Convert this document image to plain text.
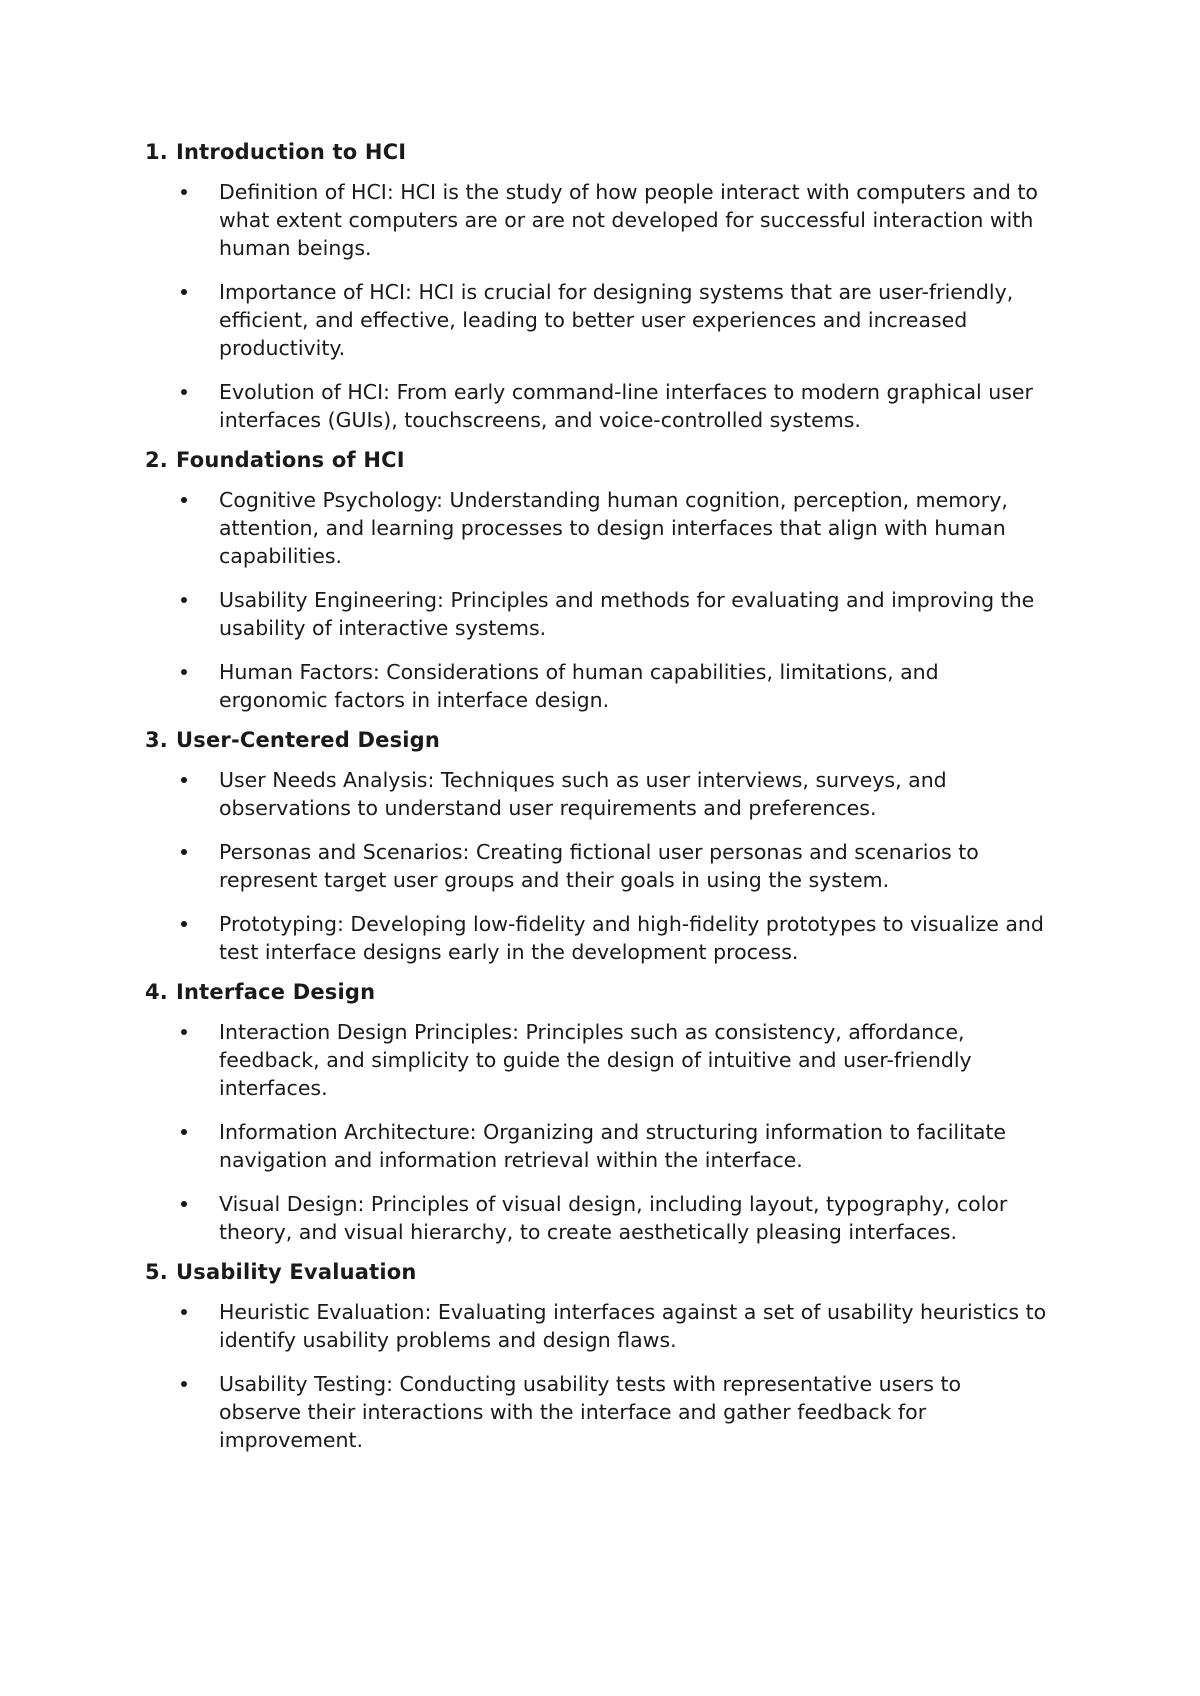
1. Introduction to HCI
Definition of HCI: HCI is the study of how people interact with computers and to what extent computers are or are not developed for successful interaction with human beings.
Importance of HCI: HCI is crucial for designing systems that are user-friendly, efficient, and effective, leading to better user experiences and increased productivity.
Evolution of HCI: From early command-line interfaces to modern graphical user interfaces (GUIs), touchscreens, and voice-controlled systems.
2. Foundations of HCI
Cognitive Psychology: Understanding human cognition, perception, memory, attention, and learning processes to design interfaces that align with human capabilities.
Usability Engineering: Principles and methods for evaluating and improving the usability of interactive systems.
Human Factors: Considerations of human capabilities, limitations, and ergonomic factors in interface design.
3. User-Centered Design
User Needs Analysis: Techniques such as user interviews, surveys, and observations to understand user requirements and preferences.
Personas and Scenarios: Creating fictional user personas and scenarios to represent target user groups and their goals in using the system.
Prototyping: Developing low-fidelity and high-fidelity prototypes to visualize and test interface designs early in the development process.
4. Interface Design
Interaction Design Principles: Principles such as consistency, affordance, feedback, and simplicity to guide the design of intuitive and user-friendly interfaces.
Information Architecture: Organizing and structuring information to facilitate navigation and information retrieval within the interface.
Visual Design: Principles of visual design, including layout, typography, color theory, and visual hierarchy, to create aesthetically pleasing interfaces.
5. Usability Evaluation
Heuristic Evaluation: Evaluating interfaces against a set of usability heuristics to identify usability problems and design flaws.
Usability Testing: Conducting usability tests with representative users to observe their interactions with the interface and gather feedback for improvement.
